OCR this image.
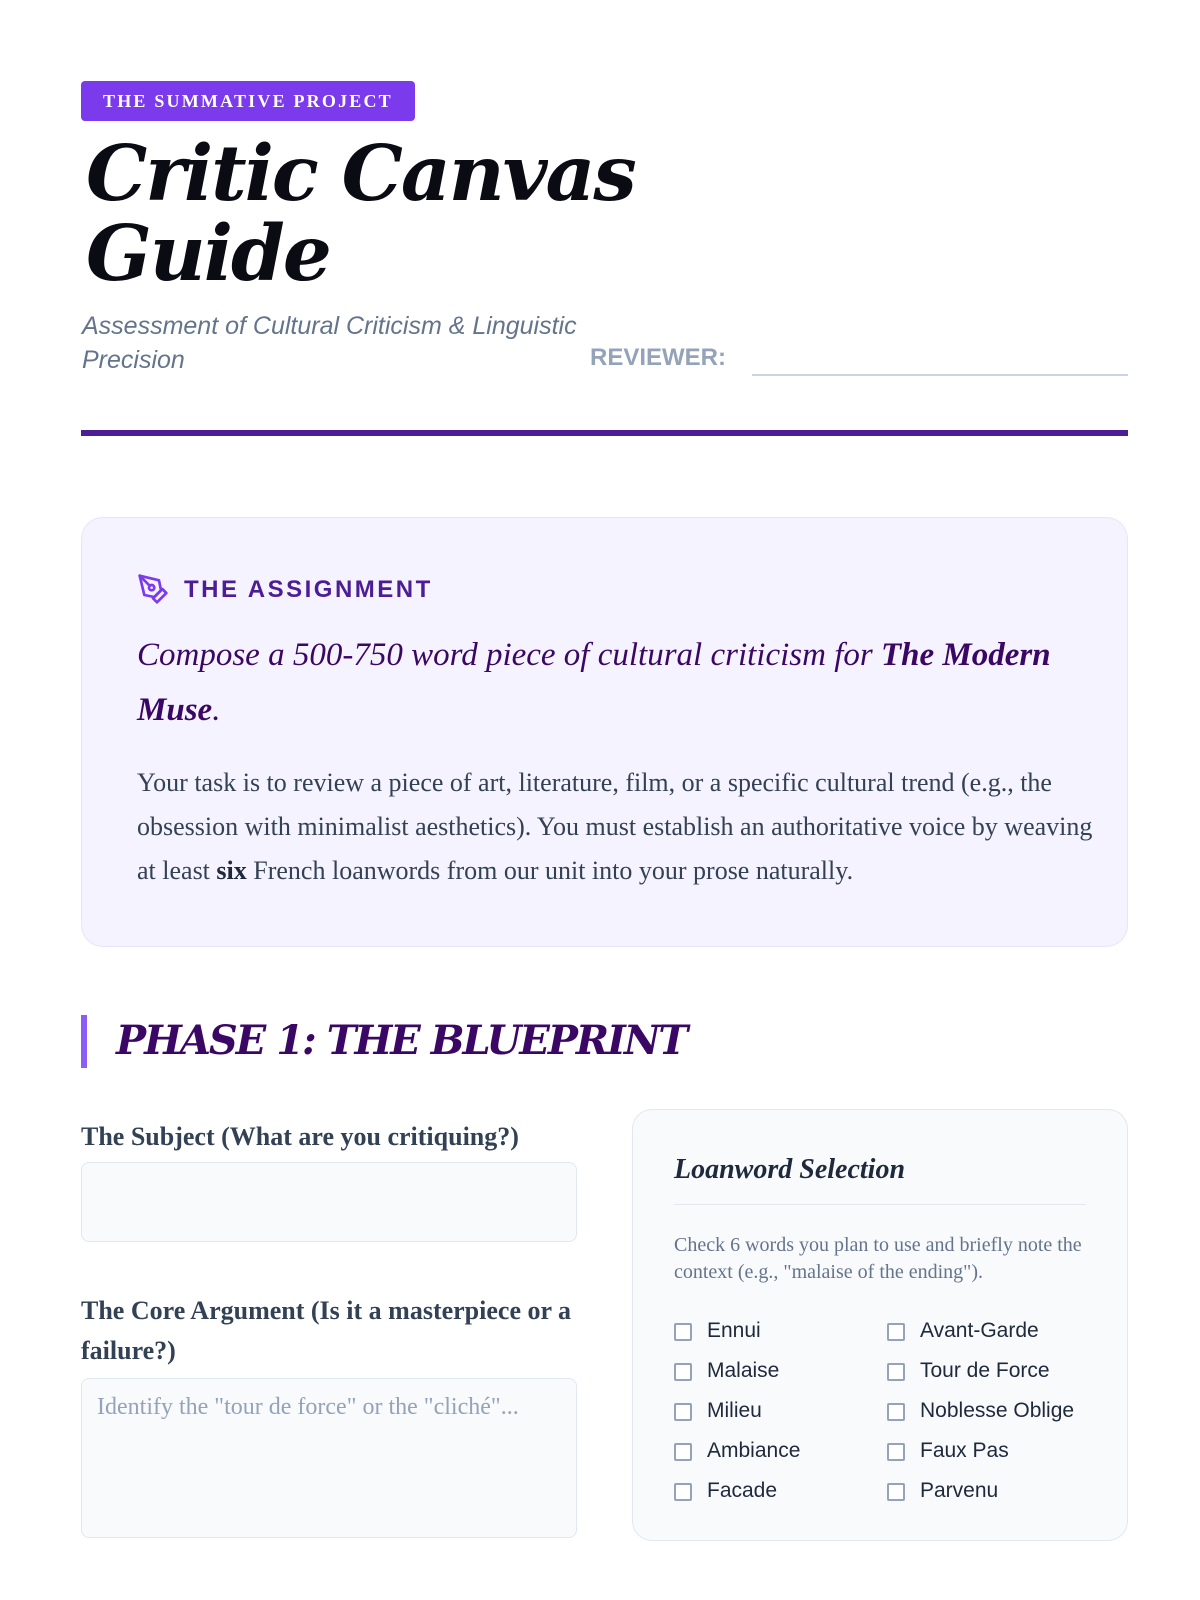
THE SUMMATIVE PROJECT
Critic Canvas Guide

Assessment of Cultural Criticism & Linguistic Precision	REVIEWER:
THE ASSIGNMENT

Compose a 500-750 word piece of cultural criticism for The Modern Muse.

Your task is to review a piece of art, literature, film, or a specific cultural trend (e.g., the obsession with minimalist aesthetics). You must establish an authoritative voice by weaving at least six French loanwords from our unit into your prose naturally.

PHASE 1: THE BLUEPRINT

The Subject (What are you critiquing?)

The Core Argument (Is it a masterpiece or a failure?)

Identify the "tour de force" or the "cliché"...
Loanword Selection

Check 6 words you plan to use and briefly note the context (e.g., "malaise of the ending").

Ennui	Avant-Garde
Malaise	Tour de Force
Milieu	Noblesse Oblige
Ambiance	Faux Pas
Facade	Parvenu
